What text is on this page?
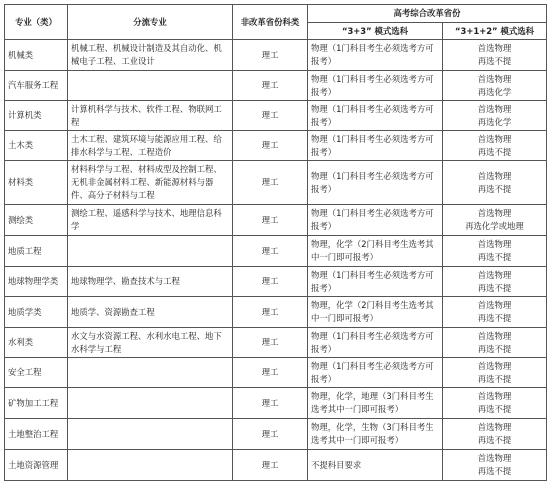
专业（类）	分流专业	非改革省份科类	高考综合改革省份	
			“3+3” 模式选科	“3+1+2” 模式选科
机械类	机械工程、机械设计制造及其自动化、机械电子工程、工业设计	理工	物理（1门科目考生必须选考方可报考）	首选物理
再选不提

汽车服务工程		理工	物理（1门科目考生必须选考方可报考）	首选物理
再选化学

计算机类	计算机科学与技术、软件工程、物联网工程	理工	物理（1门科目考生必须选考方可报考）	首选物理
再选化学

土木类	土木工程、建筑环境与能源应用工程、给排水科学与工程、工程造价	理工	物理（1门科目考生必须选考方可报考）	首选物理
再选不提

材料类	材料科学与工程、材料成型及控制工程、无机非金属材料工程、新能源材料与器件、高分子材料与工程	理工	物理（1门科目考生必须选考方可报考）	首选物理
再选不提

测绘类	测绘工程、遥感科学与技术、地理信息科学	理工	物理（1门科目考生必须选考方可报考）	首选物理
再选化学或地理

地质工程		理工	物理，化学（2门科目考生选考其中一门即可报考）	首选物理
再选不提

地球物理学类	地球物理学、勘查技术与工程	理工	物理（1门科目考生必须选考方可报考）	首选物理
再选不提

地质学类	地质学、资源勘查工程	理工	物理，化学（2门科目考生选考其中一门即可报考）	首选物理
再选不提

水利类	水文与水资源工程、水利水电工程、地下水科学与工程	理工	物理（1门科目考生必须选考方可报考）	首选物理
再选不提

安全工程		理工	物理（1门科目考生必须选考方可报考）	首选物理
再选不提

矿物加工工程		理工	物理，化学，地理（3门科目考生选考其中一门即可报考）	首选物理
再选不提

土地整治工程		理工	物理，化学，生物（3门科目考生选考其中一门即可报考）	首选物理
再选不提

土地资源管理		理工	不提科目要求	首选物理
再选不提
